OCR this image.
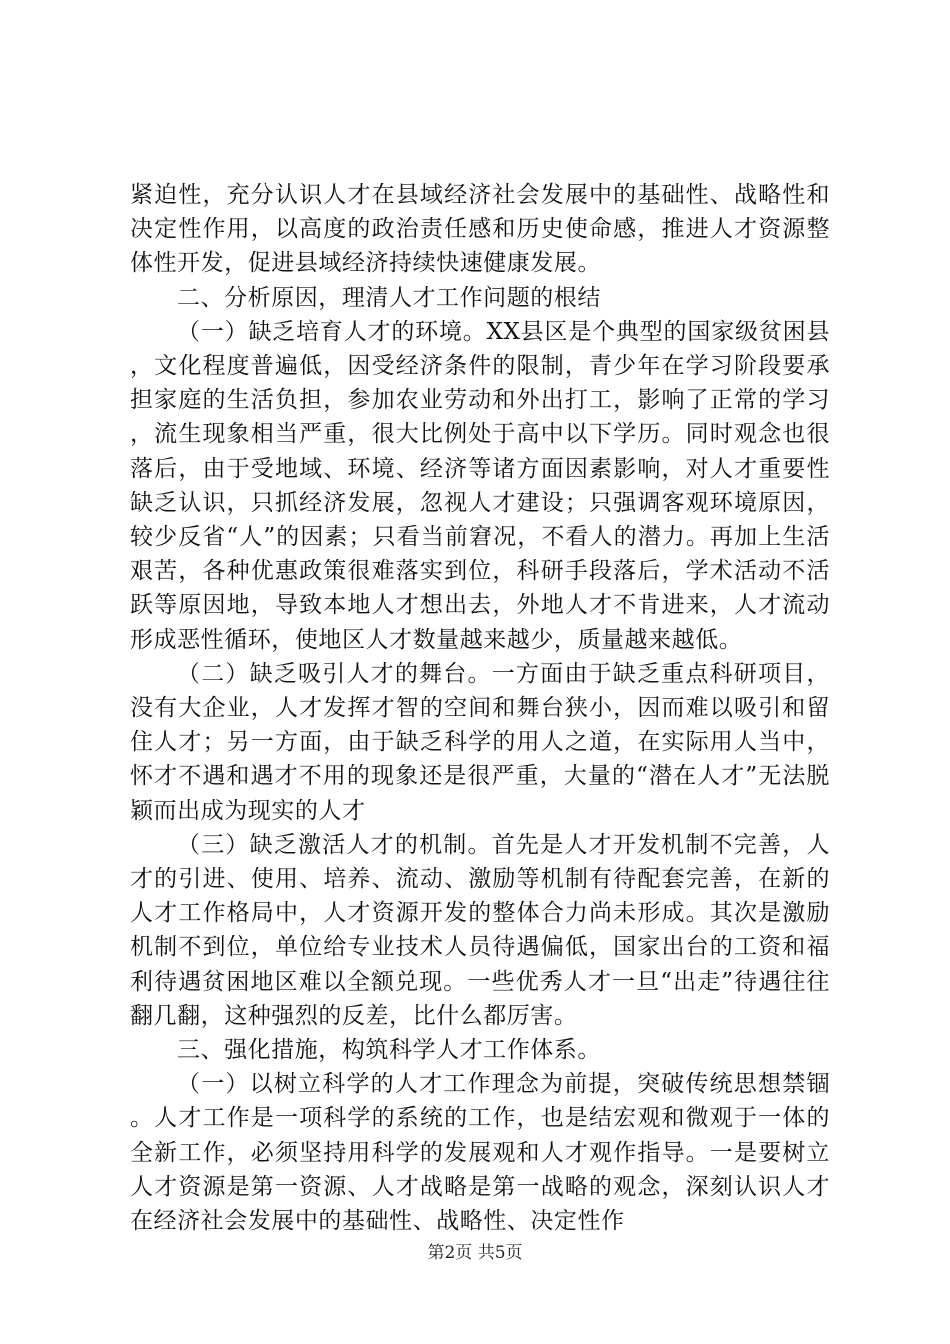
紧迫性，充分认识人才在县域经济社会发展中的基础性、战略性和决定性作用，以高度的政治责任感和历史使命感，推进人才资源整体性开发，促进县域经济持续快速健康发展。

二、分析原因，理清人才工作问题的根结

（一）缺乏培育人才的环境。XX县区是个典型的国家级贫困县，文化程度普遍低，因受经济条件的限制，青少年在学习阶段要承担家庭的生活负担，参加农业劳动和外出打工，影响了正常的学习，流生现象相当严重，很大比例处于高中以下学历。同时观念也很落后，由于受地域、环境、经济等诸方面因素影响，对人才重要性缺乏认识，只抓经济发展，忽视人才建设；只强调客观环境原因，较少反省“人”的因素；只看当前窘况，不看人的潜力。再加上生活艰苦，各种优惠政策很难落实到位，科研手段落后，学术活动不活跃等原因地，导致本地人才想出去，外地人才不肯进来，人才流动形成恶性循环，使地区人才数量越来越少，质量越来越低。

（二）缺乏吸引人才的舞台。一方面由于缺乏重点科研项目，没有大企业，人才发挥才智的空间和舞台狭小，因而难以吸引和留住人才；另一方面，由于缺乏科学的用人之道，在实际用人当中，怀才不遇和遇才不用的现象还是很严重，大量的“潜在人才”无法脱颖而出成为现实的人才

（三）缺乏激活人才的机制。首先是人才开发机制不完善，人才的引进、使用、培养、流动、激励等机制有待配套完善，在新的人才工作格局中，人才资源开发的整体合力尚未形成。其次是激励机制不到位，单位给专业技术人员待遇偏低，国家出台的工资和福利待遇贫困地区难以全额兑现。一些优秀人才一旦“出走”待遇往往翻几翻，这种强烈的反差，比什么都厉害。

三、强化措施，构筑科学人才工作体系。

（一）以树立科学的人才工作理念为前提，突破传统思想禁锢。人才工作是一项科学的系统的工作，也是结宏观和微观于一体的全新工作，必须坚持用科学的发展观和人才观作指导。一是要树立人才资源是第一资源、人才战略是第一战略的观念，深刻认识人才在经济社会发展中的基础性、战略性、决定性作

第2页 共5页
